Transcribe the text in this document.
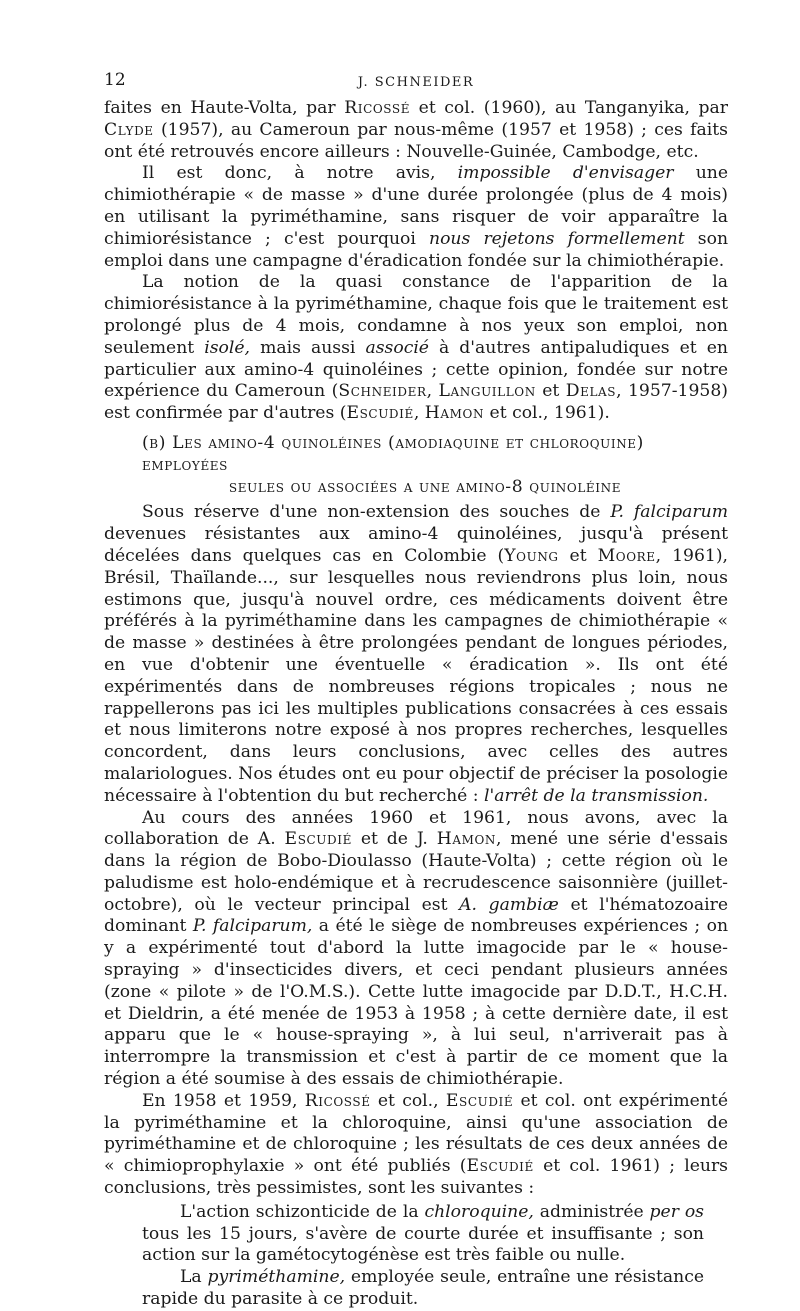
12	J. SCHNEIDER

faites en Haute-Volta, par Ricossé et col. (1960), au Tanganyika, par Clyde (1957), au Cameroun par nous-même (1957 et 1958) ; ces faits ont été retrouvés encore ailleurs : Nouvelle-Guinée, Cambodge, etc.

Il est donc, à notre avis, impossible d'envisager une chimiothérapie « de masse » d'une durée prolongée (plus de 4 mois) en utilisant la pyriméthamine, sans risquer de voir apparaître la chimiorésistance ; c'est pourquoi nous rejetons formellement son emploi dans une campagne d'éradication fondée sur la chimiothérapie.

La notion de la quasi constance de l'apparition de la chimiorésistance à la pyriméthamine, chaque fois que le traitement est prolongé plus de 4 mois, condamne à nos yeux son emploi, non seulement isolé, mais aussi associé à d'autres antipaludiques et en particulier aux amino-4 quinoléines ; cette opinion, fondée sur notre expérience du Cameroun (Schneider, Languillon et Delas, 1957-1958) est confirmée par d'autres (Escudié, Hamon et col., 1961).

(b) Les amino-4 quinoléines (amodiaquine et chloroquine) employées
seules ou associées a une amino-8 quinoléine

Sous réserve d'une non-extension des souches de P. falciparum devenues résistantes aux amino-4 quinoléines, jusqu'à présent décelées dans quelques cas en Colombie (Young et Moore, 1961), Brésil, Thaïlande..., sur lesquelles nous reviendrons plus loin, nous estimons que, jusqu'à nouvel ordre, ces médicaments doivent être préférés à la pyriméthamine dans les campagnes de chimiothérapie « de masse » destinées à être prolongées pendant de longues périodes, en vue d'obtenir une éventuelle « éradication ». Ils ont été expérimentés dans de nombreuses régions tropicales ; nous ne rappellerons pas ici les multiples publications consacrées à ces essais et nous limiterons notre exposé à nos propres recherches, lesquelles concordent, dans leurs conclusions, avec celles des autres malariologues. Nos études ont eu pour objectif de préciser la posologie nécessaire à l'obtention du but recherché : l'arrêt de la transmission.

Au cours des années 1960 et 1961, nous avons, avec la collaboration de A. Escudié et de J. Hamon, mené une série d'essais dans la région de Bobo-Dioulasso (Haute-Volta) ; cette région où le paludisme est holo-endémique et à recrudescence saisonnière (juillet-octobre), où le vecteur principal est A. gambiæ et l'hématozoaire dominant P. falciparum, a été le siège de nombreuses expériences ; on y a expérimenté tout d'abord la lutte imagocide par le « house-spraying » d'insecticides divers, et ceci pendant plusieurs années (zone « pilote » de l'O.M.S.). Cette lutte imagocide par D.D.T., H.C.H. et Dieldrin, a été menée de 1953 à 1958 ; à cette dernière date, il est apparu que le « house-spraying », à lui seul, n'arriverait pas à interrompre la transmission et c'est à partir de ce moment que la région a été soumise à des essais de chimiothérapie.

En 1958 et 1959, Ricossé et col., Escudié et col. ont expérimenté la pyriméthamine et la chloroquine, ainsi qu'une association de pyriméthamine et de chloroquine ; les résultats de ces deux années de « chimioprophylaxie » ont été publiés (Escudié et col. 1961) ; leurs conclusions, très pessimistes, sont les suivantes :

L'action schizonticide de la chloroquine, administrée per os tous les 15 jours, s'avère de courte durée et insuffisante ; son action sur la gamétocytogénèse est très faible ou nulle.

La pyriméthamine, employée seule, entraîne une résistance rapide du parasite à ce produit.
